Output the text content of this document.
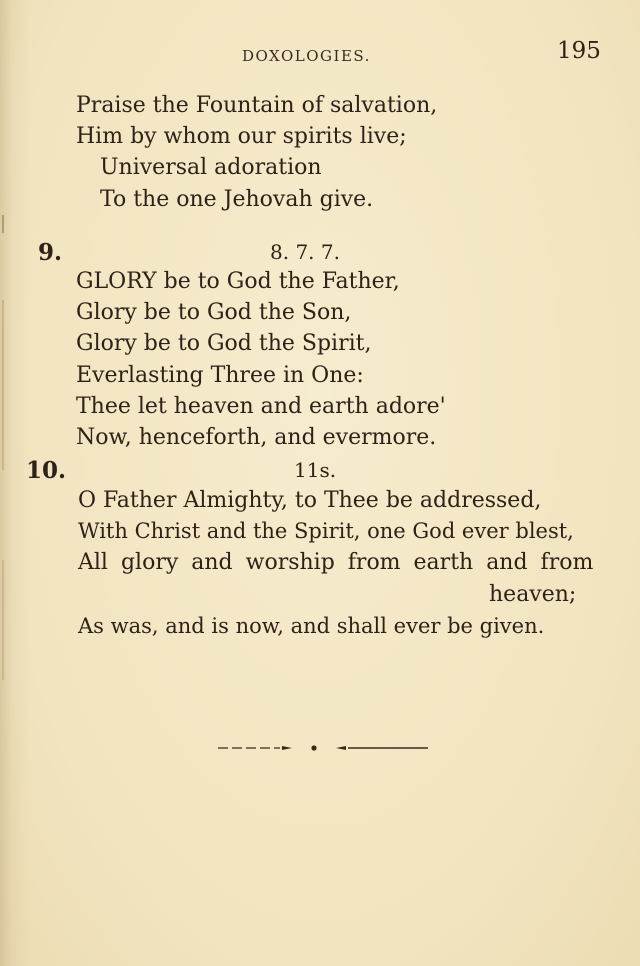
DOXOLOGIES.	195
Praise the Fountain of salvation,
Him by whom our spirits live;
Universal adoration
To the one Jehovah give.
9.	8. 7. 7.
GLORY be to God the Father,
Glory be to God the Son,
Glory be to God the Spirit,
Everlasting Three in One:
Thee let heaven and earth adore'
Now, henceforth, and evermore.
10.	11s.
O Father Almighty, to Thee be addressed,
With Christ and the Spirit, one God ever blest,
All glory and worship from earth and from
heaven;
As was, and is now, and shall ever be given.
